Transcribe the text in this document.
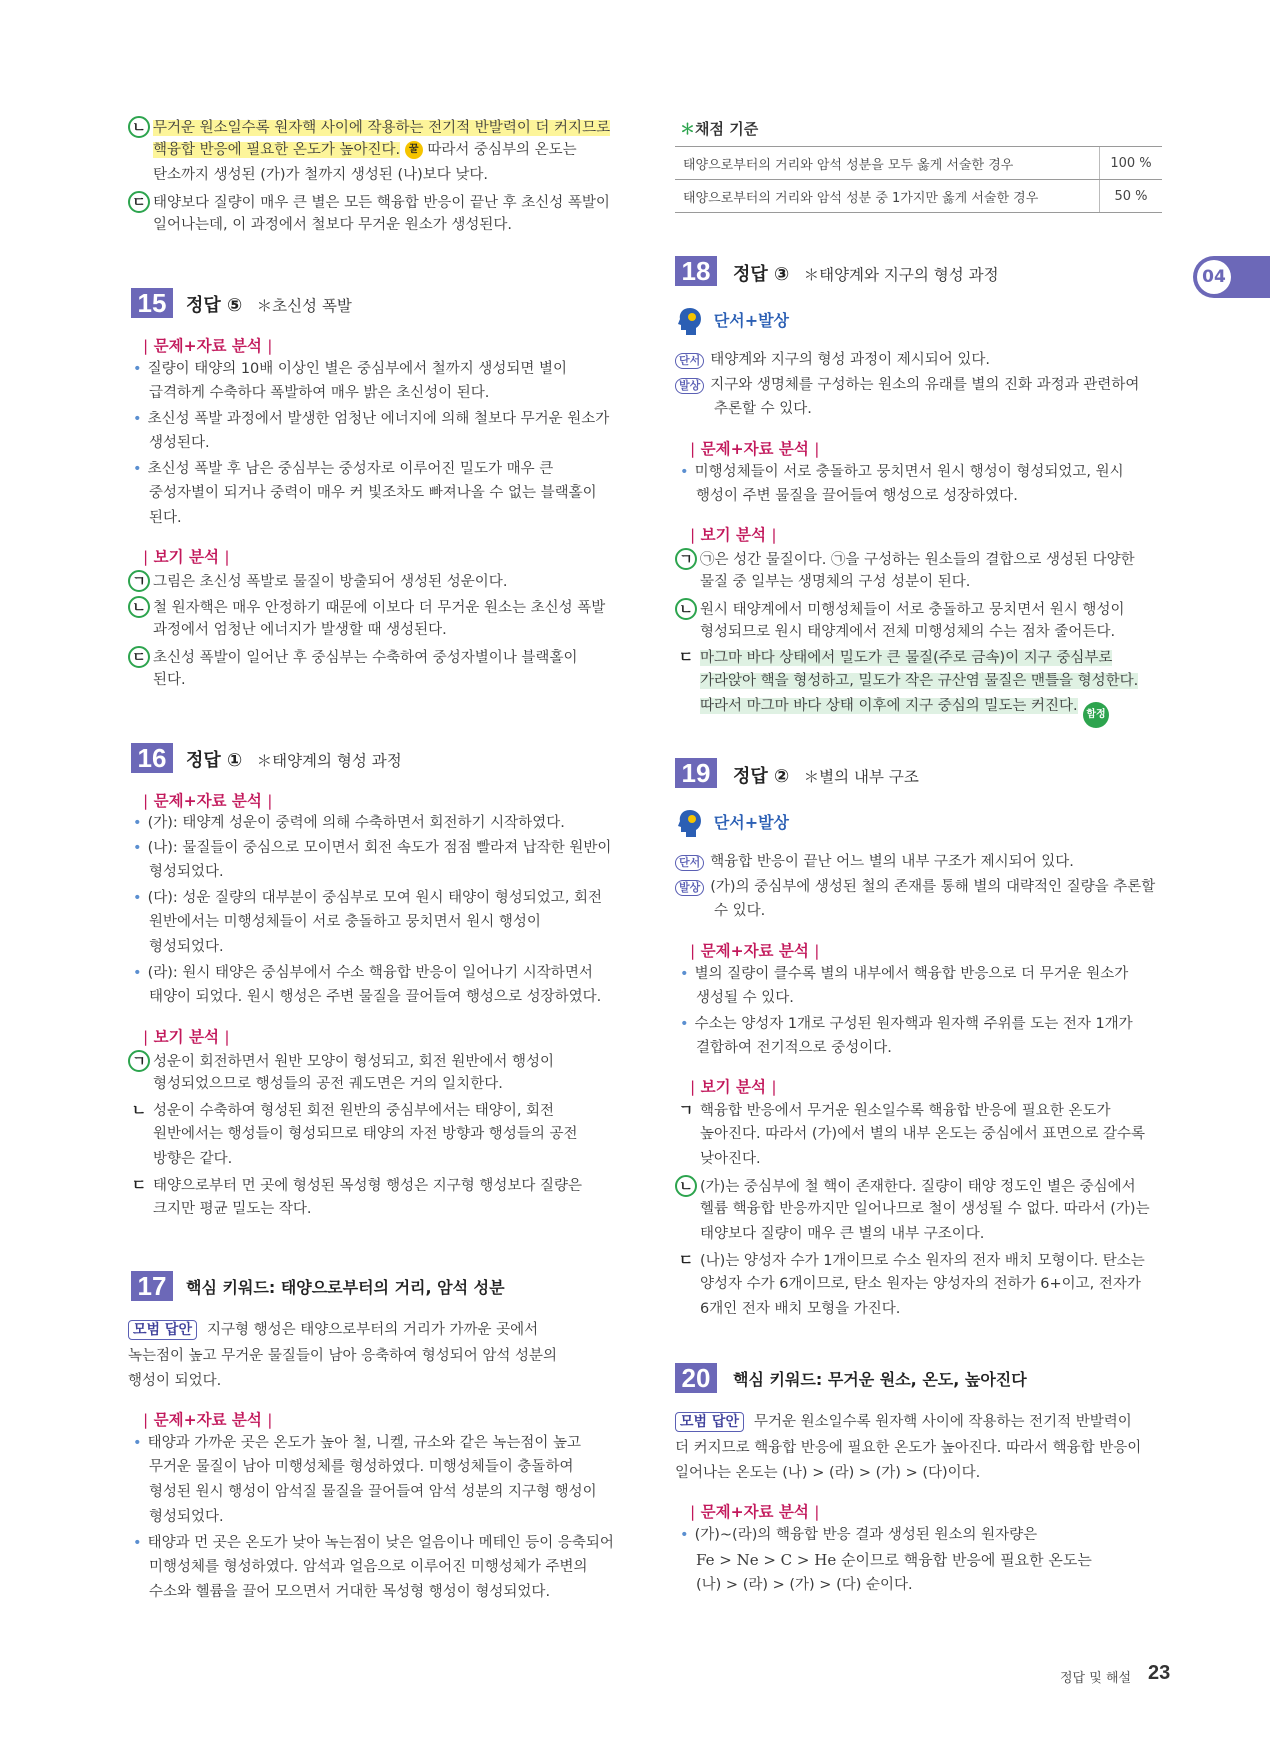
ㄴ 무거운 원소일수록 원자핵 사이에 작용하는 전기적 반발력이 더 커지므로
핵융합 반응에 필요한 온도가 높아진다. 꿀 따라서 중심부의 온도는
탄소까지 생성된 (가)가 철까지 생성된 (나)보다 낮다.
ㄷ 태양보다 질량이 매우 큰 별은 모든 핵융합 반응이 끝난 후 초신성 폭발이
일어나는데, 이 과정에서 철보다 무거운 원소가 생성된다.
15	정답 ⑤ ＊초신성 폭발
| 문제+자료 분석 |
• 질량이 태양의 10배 이상인 별은 중심부에서 철까지 생성되면 별이
급격하게 수축하다 폭발하여 매우 밝은 초신성이 된다.
• 초신성 폭발 과정에서 발생한 엄청난 에너지에 의해 철보다 무거운 원소가
생성된다.
• 초신성 폭발 후 남은 중심부는 중성자로 이루어진 밀도가 매우 큰
중성자별이 되거나 중력이 매우 커 빛조차도 빠져나올 수 없는 블랙홀이
된다.
| 보기 분석 |
ㄱ 그림은 초신성 폭발로 물질이 방출되어 생성된 성운이다.
ㄴ 철 원자핵은 매우 안정하기 때문에 이보다 더 무거운 원소는 초신성 폭발
과정에서 엄청난 에너지가 발생할 때 생성된다.
ㄷ 초신성 폭발이 일어난 후 중심부는 수축하여 중성자별이나 블랙홀이
된다.
16	정답 ① ＊태양계의 형성 과정
| 문제+자료 분석 |
• (가): 태양계 성운이 중력에 의해 수축하면서 회전하기 시작하였다.
• (나): 물질들이 중심으로 모이면서 회전 속도가 점점 빨라져 납작한 원반이
형성되었다.
• (다): 성운 질량의 대부분이 중심부로 모여 원시 태양이 형성되었고, 회전
원반에서는 미행성체들이 서로 충돌하고 뭉치면서 원시 행성이
형성되었다.
• (라): 원시 태양은 중심부에서 수소 핵융합 반응이 일어나기 시작하면서
태양이 되었다. 원시 행성은 주변 물질을 끌어들여 행성으로 성장하였다.
| 보기 분석 |
ㄱ 성운이 회전하면서 원반 모양이 형성되고, 회전 원반에서 행성이
형성되었으므로 행성들의 공전 궤도면은 거의 일치한다.
ㄴ 성운이 수축하여 형성된 회전 원반의 중심부에서는 태양이, 회전
원반에서는 행성들이 형성되므로 태양의 자전 방향과 행성들의 공전
방향은 같다.
ㄷ 태양으로부터 먼 곳에 형성된 목성형 행성은 지구형 행성보다 질량은
크지만 평균 밀도는 작다.
17	핵심 키워드: 태양으로부터의 거리, 암석 성분
모범 답안 지구형 행성은 태양으로부터의 거리가 가까운 곳에서
녹는점이 높고 무거운 물질들이 남아 응축하여 형성되어 암석 성분의
행성이 되었다.
| 문제+자료 분석 |
• 태양과 가까운 곳은 온도가 높아 철, 니켈, 규소와 같은 녹는점이 높고
무거운 물질이 남아 미행성체를 형성하였다. 미행성체들이 충돌하여
형성된 원시 행성이 암석질 물질을 끌어들여 암석 성분의 지구형 행성이
형성되었다.
• 태양과 먼 곳은 온도가 낮아 녹는점이 낮은 얼음이나 메테인 등이 응축되어
미행성체를 형성하였다. 암석과 얼음으로 이루어진 미행성체가 주변의
수소와 헬륨을 끌어 모으면서 거대한 목성형 행성이 형성되었다.
＊채점 기준
태양으로부터의 거리와 암석 성분을 모두 옳게 서술한 경우	100 %
태양으로부터의 거리와 암석 성분 중 1가지만 옳게 서술한 경우	50 %
18	정답 ③ ＊태양계와 지구의 형성 과정
단서+발상
단서 태양계와 지구의 형성 과정이 제시되어 있다.
발상 지구와 생명체를 구성하는 원소의 유래를 별의 진화 과정과 관련하여
추론할 수 있다.
| 문제+자료 분석 |
• 미행성체들이 서로 충돌하고 뭉치면서 원시 행성이 형성되었고, 원시
행성이 주변 물질을 끌어들여 행성으로 성장하였다.
| 보기 분석 |
ㄱ ㉠은 성간 물질이다. ㉠을 구성하는 원소들의 결합으로 생성된 다양한
물질 중 일부는 생명체의 구성 성분이 된다.
ㄴ 원시 태양계에서 미행성체들이 서로 충돌하고 뭉치면서 원시 행성이
형성되므로 원시 태양계에서 전체 미행성체의 수는 점차 줄어든다.
ㄷ 마그마 바다 상태에서 밀도가 큰 물질(주로 금속)이 지구 중심부로
가라앉아 핵을 형성하고, 밀도가 작은 규산염 물질은 맨틀을 형성한다.
따라서 마그마 바다 상태 이후에 지구 중심의 밀도는 커진다.
함정
19	정답 ② ＊별의 내부 구조
단서+발상
단서 핵융합 반응이 끝난 어느 별의 내부 구조가 제시되어 있다.
발상 (가)의 중심부에 생성된 철의 존재를 통해 별의 대략적인 질량을 추론할
수 있다.
| 문제+자료 분석 |
• 별의 질량이 클수록 별의 내부에서 핵융합 반응으로 더 무거운 원소가
생성될 수 있다.
• 수소는 양성자 1개로 구성된 원자핵과 원자핵 주위를 도는 전자 1개가
결합하여 전기적으로 중성이다.
| 보기 분석 |
ㄱ 핵융합 반응에서 무거운 원소일수록 핵융합 반응에 필요한 온도가
높아진다. 따라서 (가)에서 별의 내부 온도는 중심에서 표면으로 갈수록
낮아진다.
ㄴ (가)는 중심부에 철 핵이 존재한다. 질량이 태양 정도인 별은 중심에서
헬륨 핵융합 반응까지만 일어나므로 철이 생성될 수 없다. 따라서 (가)는
태양보다 질량이 매우 큰 별의 내부 구조이다.
ㄷ (나)는 양성자 수가 1개이므로 수소 원자의 전자 배치 모형이다. 탄소는
양성자 수가 6개이므로, 탄소 원자는 양성자의 전하가 6+이고, 전자가
6개인 전자 배치 모형을 가진다.
20	핵심 키워드: 무거운 원소, 온도, 높아진다
모범 답안 무거운 원소일수록 원자핵 사이에 작용하는 전기적 반발력이
더 커지므로 핵융합 반응에 필요한 온도가 높아진다. 따라서 핵융합 반응이
일어나는 온도는 (나) > (라) > (가) > (다)이다.
| 문제+자료 분석 |
• (가)~(라)의 핵융합 반응 결과 생성된 원소의 원자량은
Fe > Ne > C > He 순이므로 핵융합 반응에 필요한 온도는
(나) > (라) > (가) > (다) 순이다.
04
정답 및 해설 23
